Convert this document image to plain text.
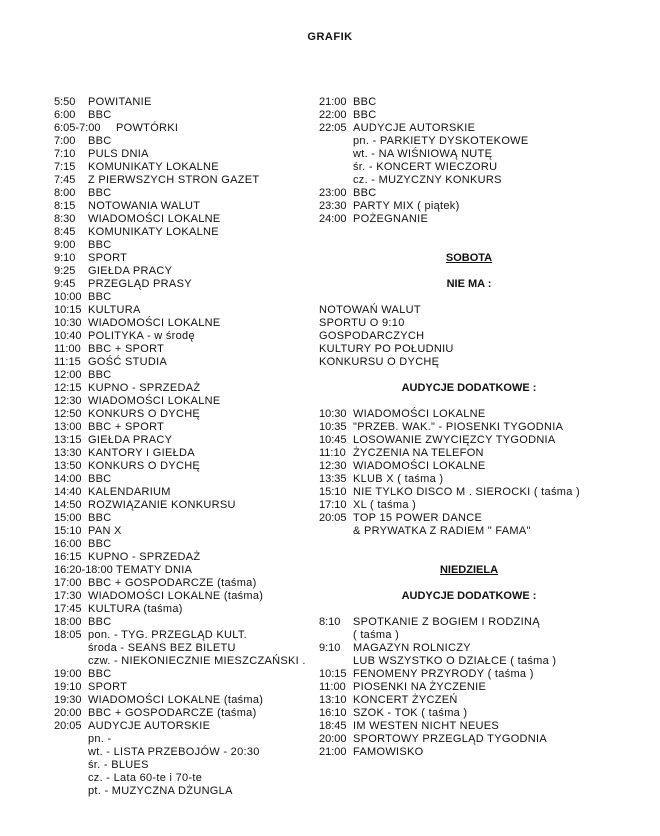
GRAFIK
5:50	POWITANIE
6:00	BBC
6:05-7:00	POWTÓRKI
7:00	BBC
7:10	PULS DNIA
7:15	KOMUNIKATY LOKALNE
7:45	Z PIERWSZYCH STRON GAZET
8:00	BBC
8:15	NOTOWANIA WALUT
8:30	WIADOMOŚCI LOKALNE
8:45	KOMUNIKATY LOKALNE
9:00	BBC
9:10	SPORT
9:25	GIEŁDA PRACY
9:45	PRZEGLĄD PRASY
10:00 BBC
10:15 KULTURA
10:30 WIADOMOŚCI LOKALNE
10:40 POLITYKA - w środę
11:00 BBC + SPORT
11:15 GOŚĆ STUDIA
12:00 BBC
12:15 KUPNO - SPRZEDAŻ
12:30 WIADOMOŚCI LOKALNE
12:50 KONKURS O DYCHĘ
13:00 BBC + SPORT
13:15 GIEŁDA PRACY
13:30 KANTORY I GIEŁDA
13:50 KONKURS O DYCHĘ
14:00 BBC
14:40 KALENDARIUM
14:50 ROZWIĄZANIE KONKURSU
15:00 BBC
15:10 PAN X
16:00 BBC
16:15 KUPNO - SPRZEDAŻ
16:20-18:00 TEMATY DNIA
17:00 BBC + GOSPODARCZE (taśma)
17:30 WIADOMOŚCI LOKALNE (taśma)
17:45 KULTURA (taśma)
18:00 BBC
18:05 pon. - TYG. PRZEGLĄD KULT.
środa - SEANS BEZ BILETU
czw. - NIEKONIECZNIE MIESZCZAŃSKI .
19:00 BBC
19:10 SPORT
19:30 WIADOMOŚCI LOKALNE (taśma)
20:00 BBC + GOSPODARCZE (taśma)
20:05 AUDYCJE AUTORSKIE
pn. -
wt. - LISTA PRZEBOJÓW - 20:30
śr. - BLUES
cz. - Lata 60-te i 70-te
pt. - MUZYCZNA DŻUNGLA
21:00 BBC
22:00 BBC
22:05 AUDYCJE AUTORSKIE
pn. - PARKIETY DYSKOTEKOWE
wt. - NA WIŚNIOWĄ NUTĘ
śr. - KONCERT WIECZORU
cz. - MUZYCZNY KONKURS
23:00 BBC
23:30 PARTY MIX ( piątek)
24:00 POŻEGNANIE
SOBOTA
NIE MA :
NOTOWAŃ WALUT
SPORTU O 9:10
GOSPODARCZYCH
KULTURY PO POŁUDNIU
KONKURSU O DYCHĘ
AUDYCJE DODATKOWE :
10:30 WIADOMOŚCI LOKALNE
10:35 "PRZEB. WAK." - PIOSENKI TYGODNIA
10:45 LOSOWANIE ZWYCIĘZCY TYGODNIA
11:10 ŻYCZENIA NA TELEFON
12:30 WIADOMOŚCI LOKALNE
13:35 KLUB X ( taśma )
15:10 NIE TYLKO DISCO M . SIEROCKI ( taśma )
17:10 XL ( taśma )
20:05 TOP 15 POWER DANCE
& PRYWATKA Z RADIEM " FAMA"
NIEDZIELA
AUDYCJE DODATKOWE :
8:10	SPOTKANIE Z BOGIEM I RODZINĄ
( taśma )
9:10	MAGAZYN ROLNICZY
LUB WSZYSTKO O DZIAŁCE ( taśma )
10:15 FENOMENY PRZYRODY ( taśma )
11:00 PIOSENKI NA ŻYCZENIE
13:10 KONCERT ŻYCZEŃ
16:10 SZOK - TOK ( taśma )
18:45 IM WESTEN NICHT NEUES
20:00 SPORTOWY PRZEGLĄD TYGODNIA
21:00 FAMOWISKO
